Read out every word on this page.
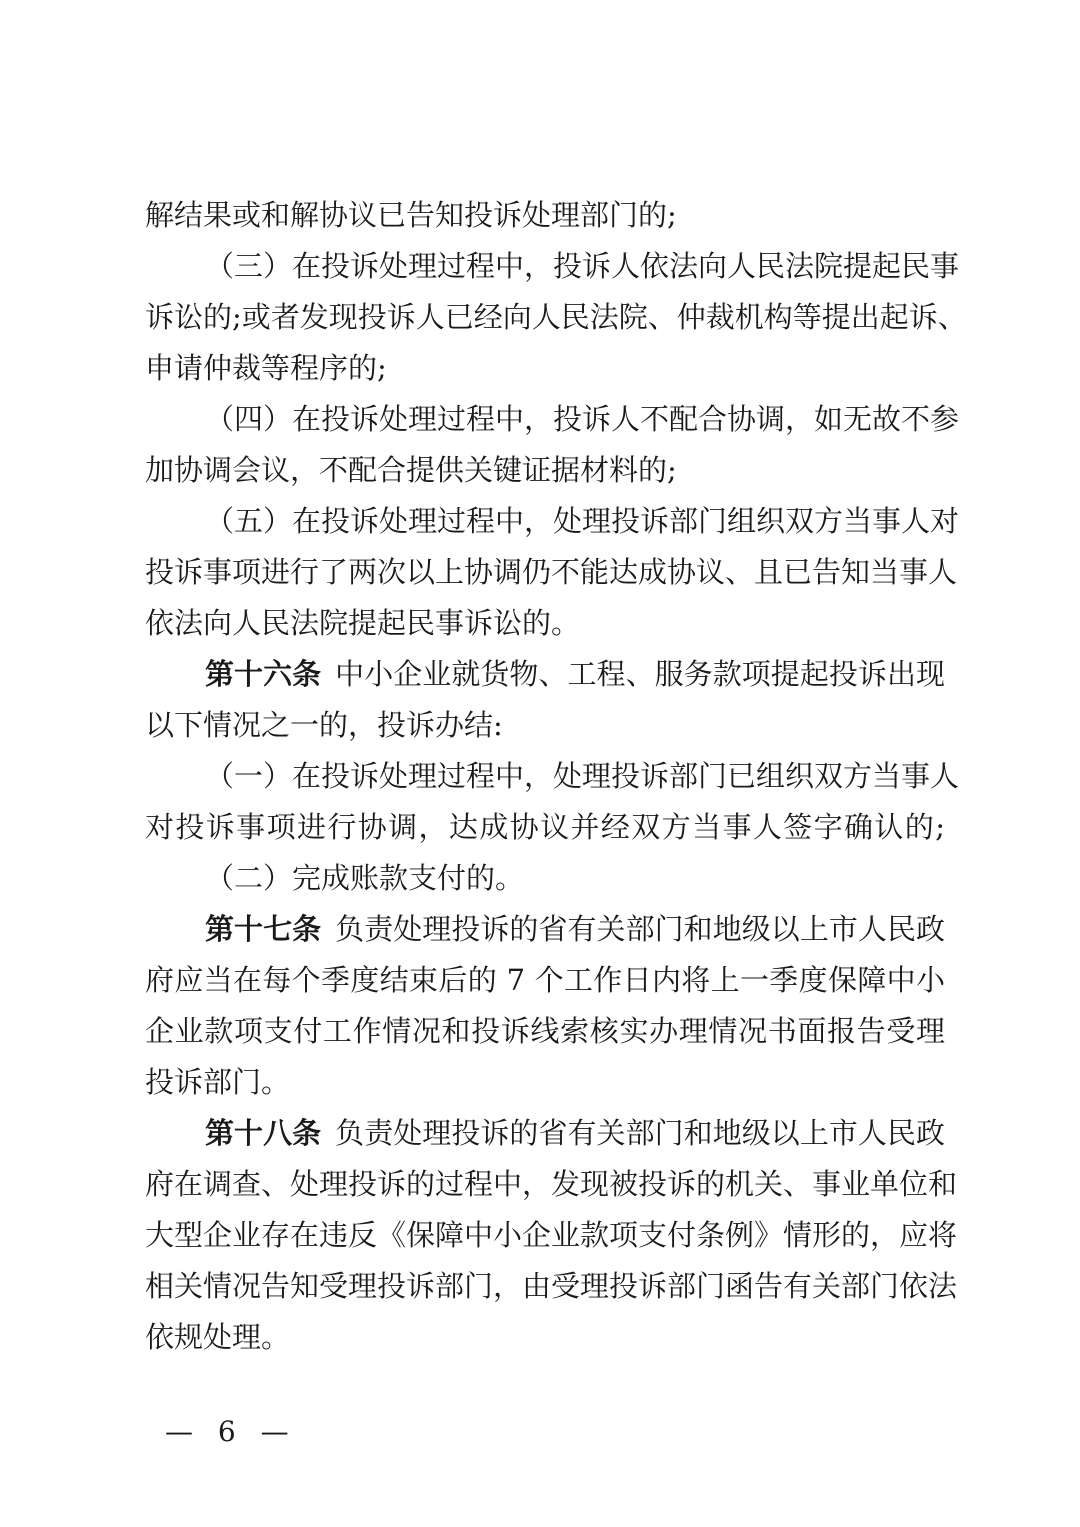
解结果或和解协议已告知投诉处理部门的;
（三）在投诉处理过程中，投诉人依法向人民法院提起民事
诉讼的;或者发现投诉人已经向人民法院、仲裁机构等提出起诉、
申请仲裁等程序的;
（四）在投诉处理过程中，投诉人不配合协调，如无故不参
加协调会议，不配合提供关键证据材料的;
（五）在投诉处理过程中，处理投诉部门组织双方当事人对
投诉事项进行了两次以上协调仍不能达成协议、且已告知当事人
依法向人民法院提起民事诉讼的。
第十六条 中小企业就货物、工程、服务款项提起投诉出现
以下情况之一的，投诉办结:
（一）在投诉处理过程中，处理投诉部门已组织双方当事人
对投诉事项进行协调，达成协议并经双方当事人签字确认的;
（二）完成账款支付的。
第十七条 负责处理投诉的省有关部门和地级以上市人民政
府应当在每个季度结束后的 7 个工作日内将上一季度保障中小
企业款项支付工作情况和投诉线索核实办理情况书面报告受理
投诉部门。
第十八条 负责处理投诉的省有关部门和地级以上市人民政
府在调查、处理投诉的过程中，发现被投诉的机关、事业单位和
大型企业存在违反《保障中小企业款项支付条例》情形的，应将
相关情况告知受理投诉部门，由受理投诉部门函告有关部门依法
依规处理。
— 6 —
